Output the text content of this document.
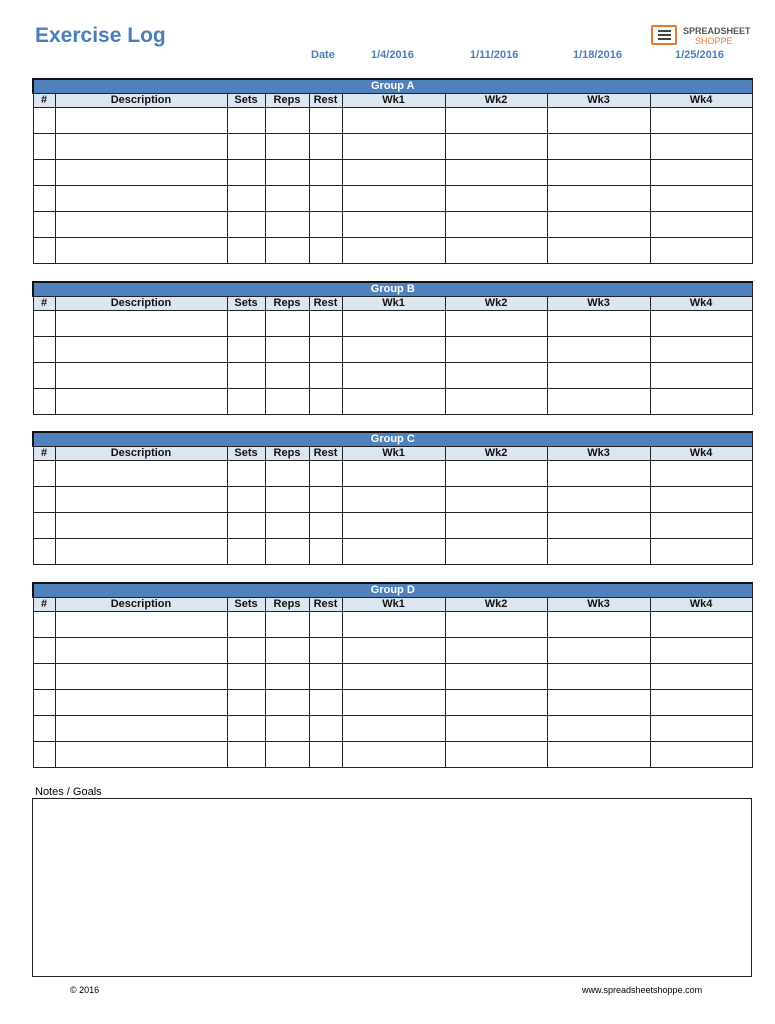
Exercise Log
Date	1/4/2016	1/11/2016	1/18/2016	1/25/2016
SPREADSHEET
SHOPPE
Group A								
#	Description	Sets	Reps	Rest	Wk1	Wk2	Wk3	Wk4

Group B								
#	Description	Sets	Reps	Rest	Wk1	Wk2	Wk3	Wk4

Group C								
#	Description	Sets	Reps	Rest	Wk1	Wk2	Wk3	Wk4

Group D								
#	Description	Sets	Reps	Rest	Wk1	Wk2	Wk3	Wk4

Notes / Goals
© 2016	www.spreadsheetshoppe.com
